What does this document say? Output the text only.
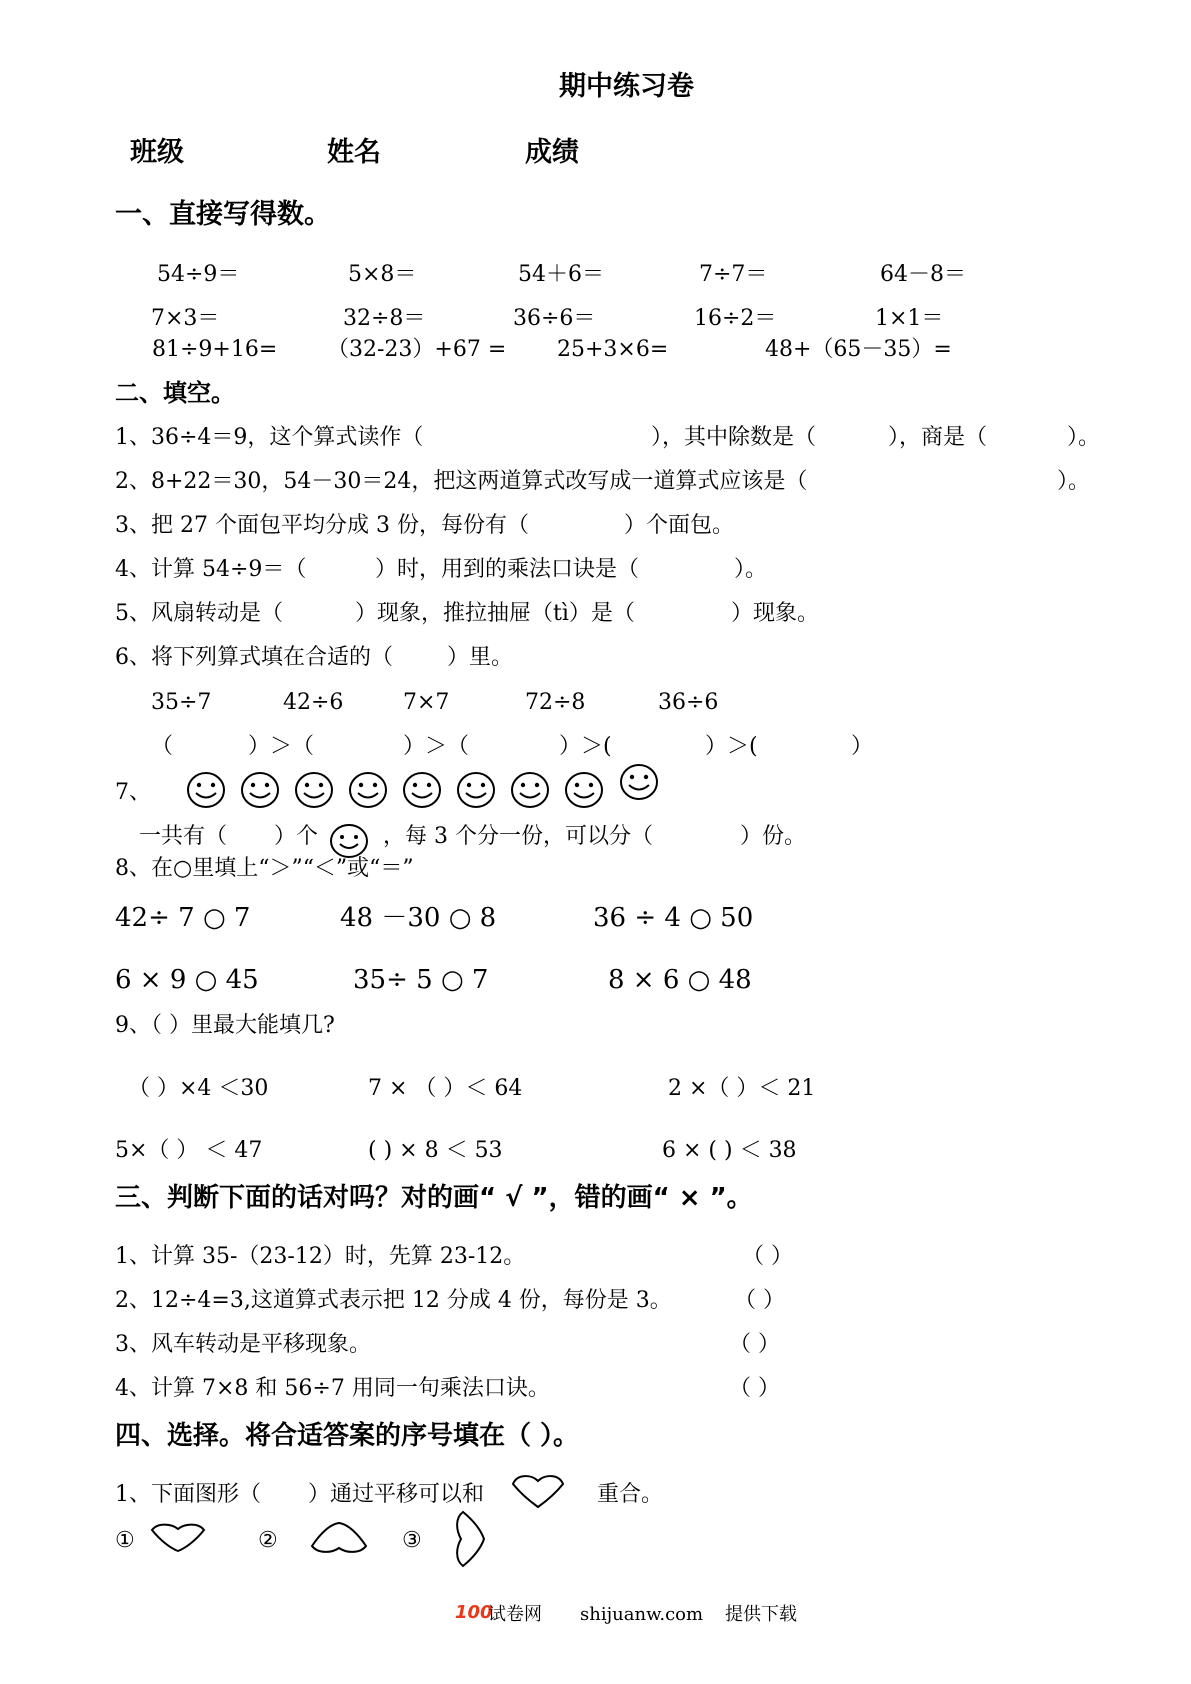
期中练习卷
班级	姓名	成绩
一、直接写得数。
54÷9＝	5×8＝	54＋6＝	7÷7＝	64－8＝
7×3＝	32÷8＝	36÷6＝	16÷2＝	1×1＝
81÷9+16= （32-23）+67 = 25+3×6=	48+（65－35）=
二、填空。
1、36÷4＝9，这个算式读作（	），其中除数是（	），商是（	）。
2、8+22＝30，54－30＝24，把这两道算式改写成一道算式应该是（	）。
3、把 27 个面包平均分成 3 份，每份有（	）个面包。
4、计算 54÷9＝（	）时，用到的乘法口诀是（	）。
5、风扇转动是（	）现象，推拉抽屉（tì）是（	）现象。
6、将下列算式填在合适的（ ）里。
35÷7	42÷6	7×7	72÷8	36÷6
（	）＞（	）＞（	）＞(	）＞(	）
7、
一共有（ ）个	，每 3 个分一份，可以分（	）份。
8、在○里填上“＞”“＜”或“＝”
42÷ 7 ○ 7	48 －30 ○ 8	36 ÷ 4 ○ 50
6 × 9 ○ 45	35÷ 5 ○ 7	8 × 6 ○ 48
9、（ ）里最大能填几?
（ ）×4 ＜30	7 × （ ）＜ 64	2 ×（ ）＜ 21
5×（ ） ＜ 47	( ) × 8 ＜ 53	6 × ( ) ＜ 38
三、判断下面的话对吗？对的画“ √ ”，错的画“ × ”。
1、计算 35-（23-12）时，先算 23-12。	（ ）
2、12÷4=3,这道算式表示把 12 分成 4 份，每份是 3。	（ ）
3、风车转动是平移现象。	（ ）
4、计算 7×8 和 56÷7 用同一句乘法口诀。	（ ）
四、选择。将合适答案的序号填在（ ）。
1、下面图形（ ）通过平移可以和	重合。
①	②	③
100
试卷网 shijuanw.com 提供下载
